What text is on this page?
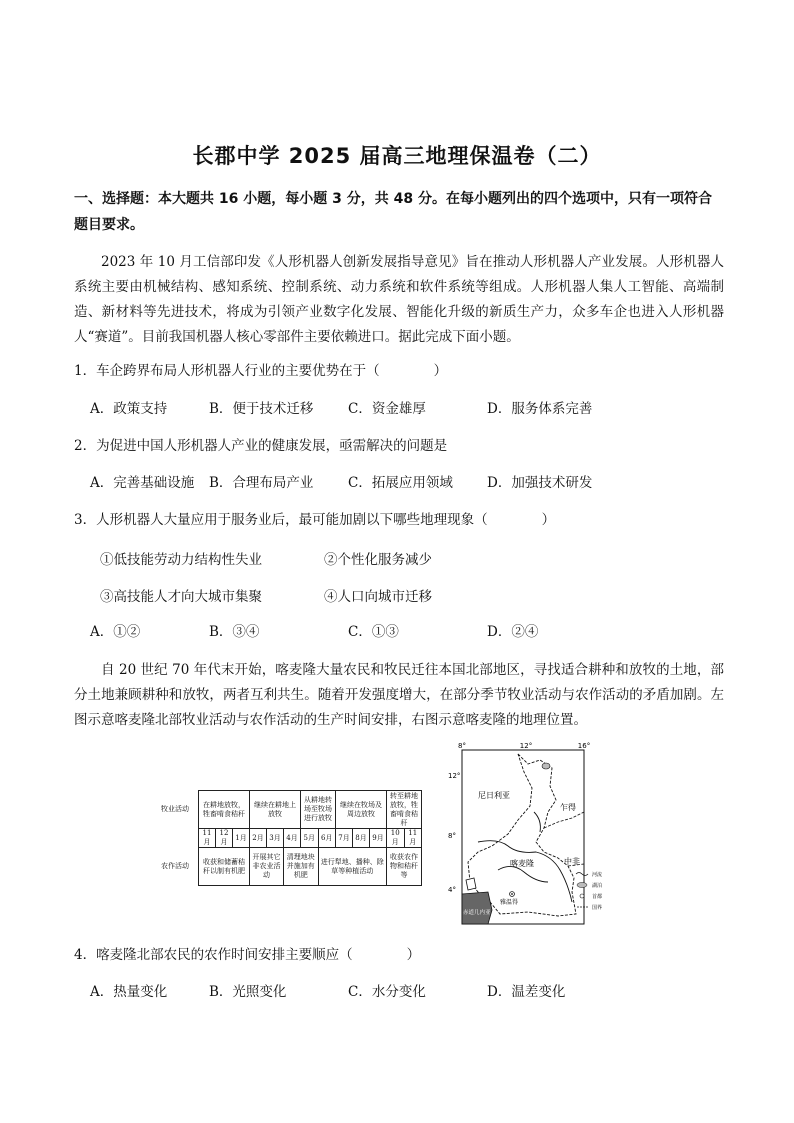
长郡中学 2025 届高三地理保温卷（二）
一、选择题：本大题共 16 小题，每小题 3 分，共 48 分。在每小题列出的四个选项中，只有一项符合题目要求。
2023 年 10 月工信部印发《人形机器人创新发展指导意见》旨在推动人形机器人产业发展。人形机器人系统主要由机械结构、感知系统、控制系统、动力系统和软件系统等组成。人形机器人集人工智能、高端制造、新材料等先进技术，将成为引领产业数字化发展、智能化升级的新质生产力，众多车企也进入人形机器人“赛道”。目前我国机器人核心零部件主要依赖进口。据此完成下面小题。
1．车企跨界布局人形机器人行业的主要优势在于（　　　　）
A．政策支持	B．便于技术迁移	C．资金雄厚	D．服务体系完善
2．为促进中国人形机器人产业的健康发展，亟需解决的问题是
A．完善基础设施 B．合理布局产业	C．拓展应用领域	D．加强技术研发
3．人形机器人大量应用于服务业后，最可能加剧以下哪些地理现象（　　　　）
①低技能劳动力结构性失业	②个性化服务减少
③高技能人才向大城市集聚	④人口向城市迁移
A．①②	B．③④	C．①③	D．②④
自 20 世纪 70 年代末开始，喀麦隆大量农民和牧民迁往本国北部地区，寻找适合耕种和放牧的土地，部分土地兼顾耕种和放牧，两者互利共生。随着开发强度增大，在部分季节牧业活动与农作活动的矛盾加剧。左图示意喀麦隆北部牧业活动与农作活动的生产时间安排，右图示意喀麦隆的地理位置。
牧业活动	在耕地放牧，牲畜啃食秸秆			继续在耕地上放牧			从耕地转场至牧场进行放牧		继续在牧场及周边放牧			转至耕地放牧，牲畜啃食秸秆	
	11月	12月	1月	2月	3月	4月	5月	6月	7月	8月	9月	10月	11月
农作活动	收获和储蓄秸秆以制有机肥			开展其它非农业活动		清理地块并施加有机肥		进行犁地、播种、除草等种植活动				收获农作物和秸秆等	
8°	12°	16°
12°
8°
4°
尼日利亚
乍得
喀麦隆	中非
赤道几内亚
雅温得
河流
湖泊
首都
国界
4．喀麦隆北部农民的农作时间安排主要顺应（　　　　）
A．热量变化	B．光照变化	C．水分变化	D．温差变化
